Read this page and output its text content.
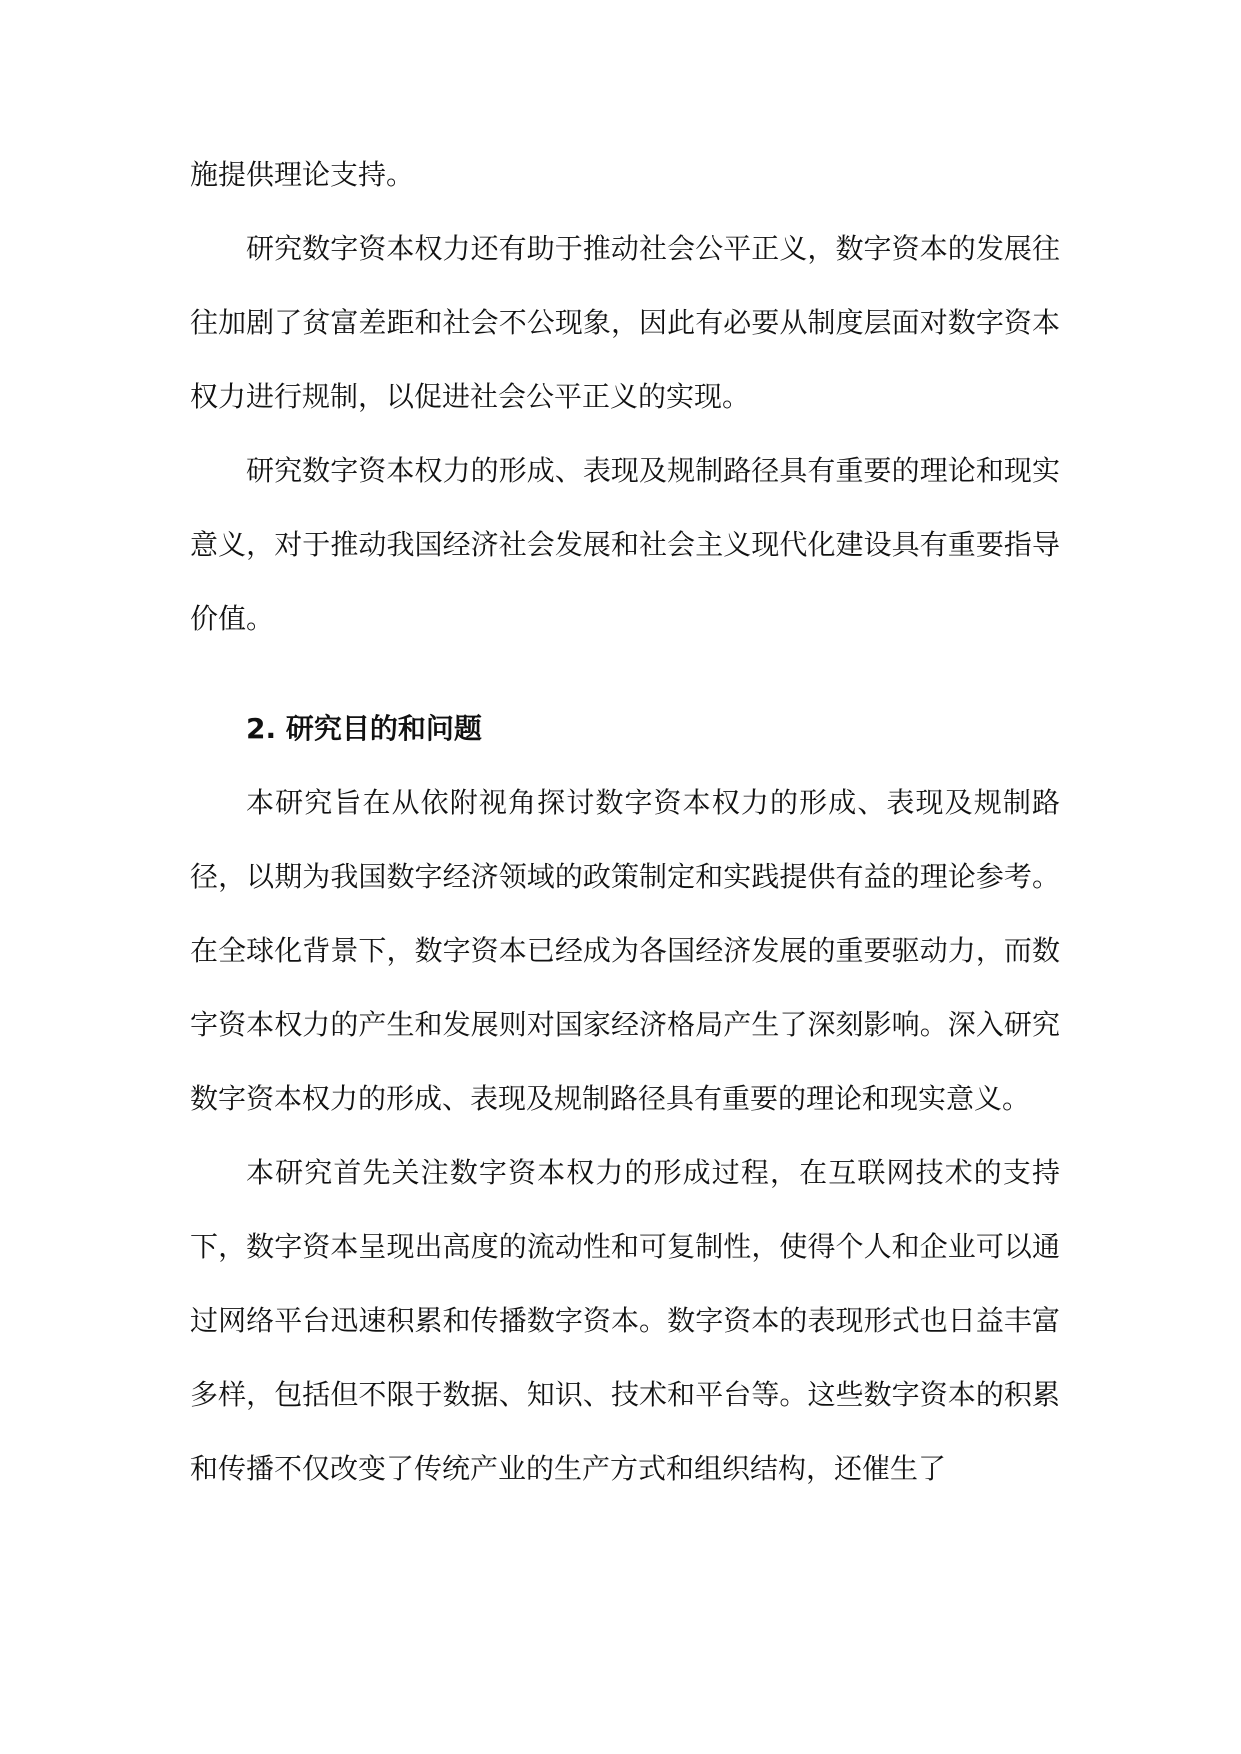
施提供理论支持。

研究数字资本权力还有助于推动社会公平正义，数字资本的发展往往加剧了贫富差距和社会不公现象，因此有必要从制度层面对数字资本权力进行规制，以促进社会公平正义的实现。

研究数字资本权力的形成、表现及规制路径具有重要的理论和现实意义，对于推动我国经济社会发展和社会主义现代化建设具有重要指导价值。

2. 研究目的和问题

本研究旨在从依附视角探讨数字资本权力的形成、表现及规制路径，以期为我国数字经济领域的政策制定和实践提供有益的理论参考。在全球化背景下，数字资本已经成为各国经济发展的重要驱动力，而数字资本权力的产生和发展则对国家经济格局产生了深刻影响。深入研究数字资本权力的形成、表现及规制路径具有重要的理论和现实意义。

本研究首先关注数字资本权力的形成过程，在互联网技术的支持下，数字资本呈现出高度的流动性和可复制性，使得个人和企业可以通过网络平台迅速积累和传播数字资本。数字资本的表现形式也日益丰富多样，包括但不限于数据、知识、技术和平台等。这些数字资本的积累和传播不仅改变了传统产业的生产方式和组织结构，还催生了
